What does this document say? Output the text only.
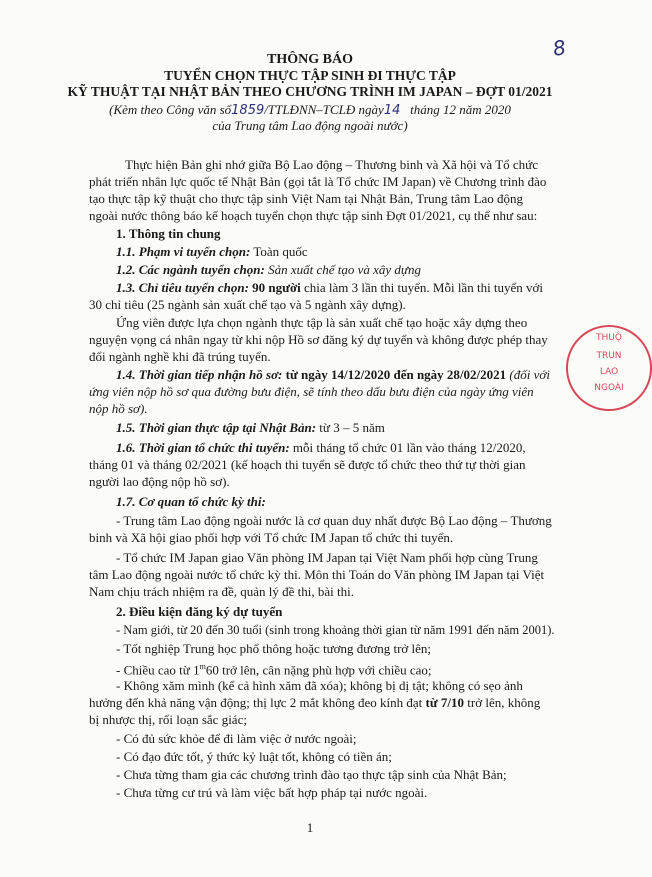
8
THÔNG BÁO
TUYỂN CHỌN THỰC TẬP SINH ĐI THỰC TẬP
KỸ THUẬT TẠI NHẬT BẢN THEO CHƯƠNG TRÌNH IM JAPAN – ĐỢT 01/2021
(Kèm theo Công văn số1859/TTLĐNN–TCLĐ ngày14 tháng 12 năm 2020
của Trung tâm Lao động ngoài nước)
Thực hiện Bản ghi nhớ giữa Bộ Lao động – Thương binh và Xã hội và Tổ chức
phát triển nhân lực quốc tế Nhật Bản (gọi tắt là Tổ chức IM Japan) về Chương trình đào
tạo thực tập kỹ thuật cho thực tập sinh Việt Nam tại Nhật Bản, Trung tâm Lao động
ngoài nước thông báo kế hoạch tuyển chọn thực tập sinh Đợt 01/2021, cụ thể như sau:
1. Thông tin chung
1.1. Phạm vi tuyển chọn: Toàn quốc
1.2. Các ngành tuyển chọn: Sản xuất chế tạo và xây dựng
1.3. Chỉ tiêu tuyển chọn: 90 người chia làm 3 lần thi tuyển. Mỗi lần thi tuyển với
30 chỉ tiêu (25 ngành sản xuất chế tạo và 5 ngành xây dựng).
Ứng viên được lựa chọn ngành thực tập là sản xuất chế tạo hoặc xây dựng theo
nguyện vọng cá nhân ngay từ khi nộp Hồ sơ đăng ký dự tuyển và không được phép thay
đổi ngành nghề khi đã trúng tuyển.
1.4. Thời gian tiếp nhận hồ sơ: từ ngày 14/12/2020 đến ngày 28/02/2021 (đối với
ứng viên nộp hồ sơ qua đường bưu điện, sẽ tính theo dấu bưu điện của ngày ứng viên
nộp hồ sơ).
1.5. Thời gian thực tập tại Nhật Bản: từ 3 – 5 năm
1.6. Thời gian tổ chức thi tuyển: mỗi tháng tổ chức 01 lần vào tháng 12/2020,
tháng 01 và tháng 02/2021 (kế hoạch thi tuyển sẽ được tổ chức theo thứ tự thời gian
người lao động nộp hồ sơ).
1.7. Cơ quan tổ chức kỳ thi:
- Trung tâm Lao động ngoài nước là cơ quan duy nhất được Bộ Lao động – Thương
binh và Xã hội giao phối hợp với Tổ chức IM Japan tổ chức thi tuyển.
- Tổ chức IM Japan giao Văn phòng IM Japan tại Việt Nam phối hợp cùng Trung
tâm Lao động ngoài nước tổ chức kỳ thi. Môn thi Toán do Văn phòng IM Japan tại Việt
Nam chịu trách nhiệm ra đề, quản lý đề thi, bài thi.
2. Điều kiện đăng ký dự tuyển
- Nam giới, từ 20 đến 30 tuổi (sinh trong khoảng thời gian từ năm 1991 đến năm 2001).
- Tốt nghiệp Trung học phổ thông hoặc tương đương trở lên;
- Chiều cao từ 1$^m$60 trở lên, cân nặng phù hợp với chiều cao;
- Không xăm mình (kể cả hình xăm đã xóa); không bị dị tật; không có sẹo ảnh
hưởng đến khả năng vận động; thị lực 2 mắt không đeo kính đạt từ 7/10 trở lên, không
bị nhược thị, rối loạn sắc giác;
- Có đủ sức khỏe để đi làm việc ở nước ngoài;
- Có đạo đức tốt, ý thức kỷ luật tốt, không có tiền án;
- Chưa từng tham gia các chương trình đào tạo thực tập sinh của Nhật Bản;
- Chưa từng cư trú và làm việc bất hợp pháp tại nước ngoài.
THUỘ
TRUN
LAO
NGOÀI
1
